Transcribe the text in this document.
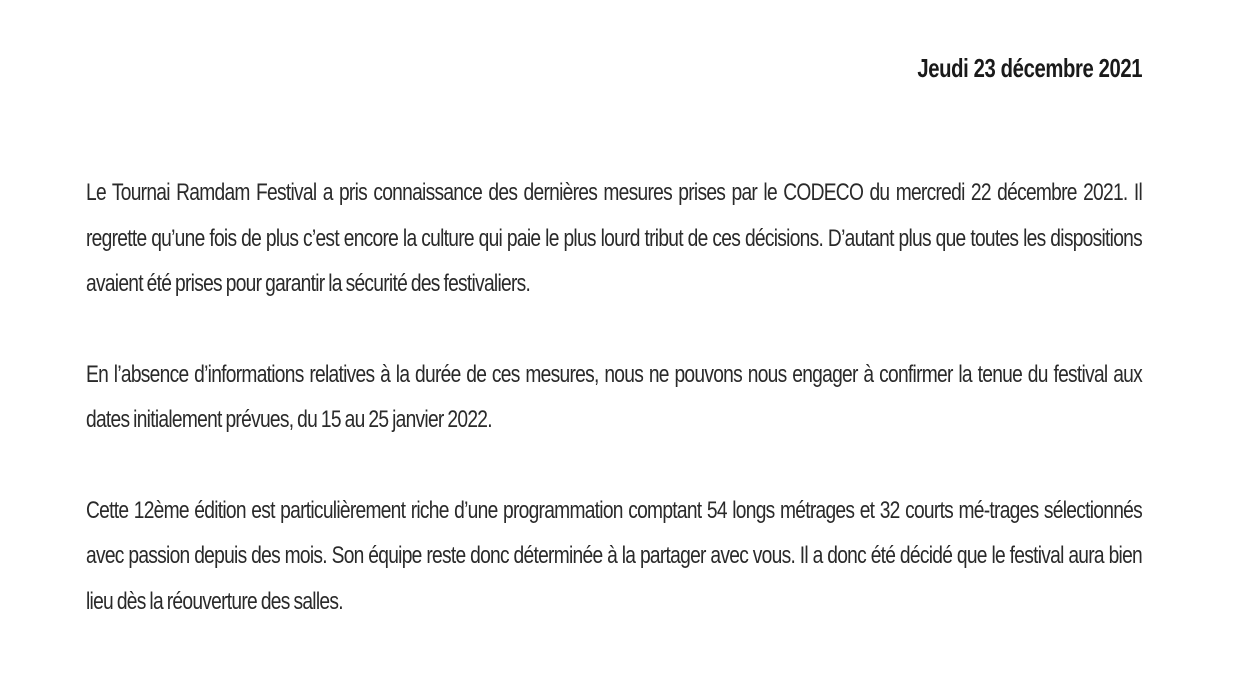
Jeudi 23 décembre 2021

Le Tournai Ramdam Festival a pris connaissance des dernières mesures prises par le CODECO du mercredi 22 décembre 2021. Il regrette qu’une fois de plus c’est encore la culture qui paie le plus lourd tribut de ces décisions. D’autant plus que toutes les dispositions avaient été prises pour garantir la sécurité des festivaliers.

En l’absence d’informations relatives à la durée de ces mesures, nous ne pouvons nous engager à confirmer la tenue du festival aux dates initialement prévues, du 15 au 25 janvier 2022.

Cette 12ème édition est particulièrement riche d’une programmation comptant 54 longs métrages et 32 courts mé-trages sélectionnés avec passion depuis des mois. Son équipe reste donc déterminée à la partager avec vous. Il a donc été décidé que le festival aura bien lieu dès la réouverture des salles.
